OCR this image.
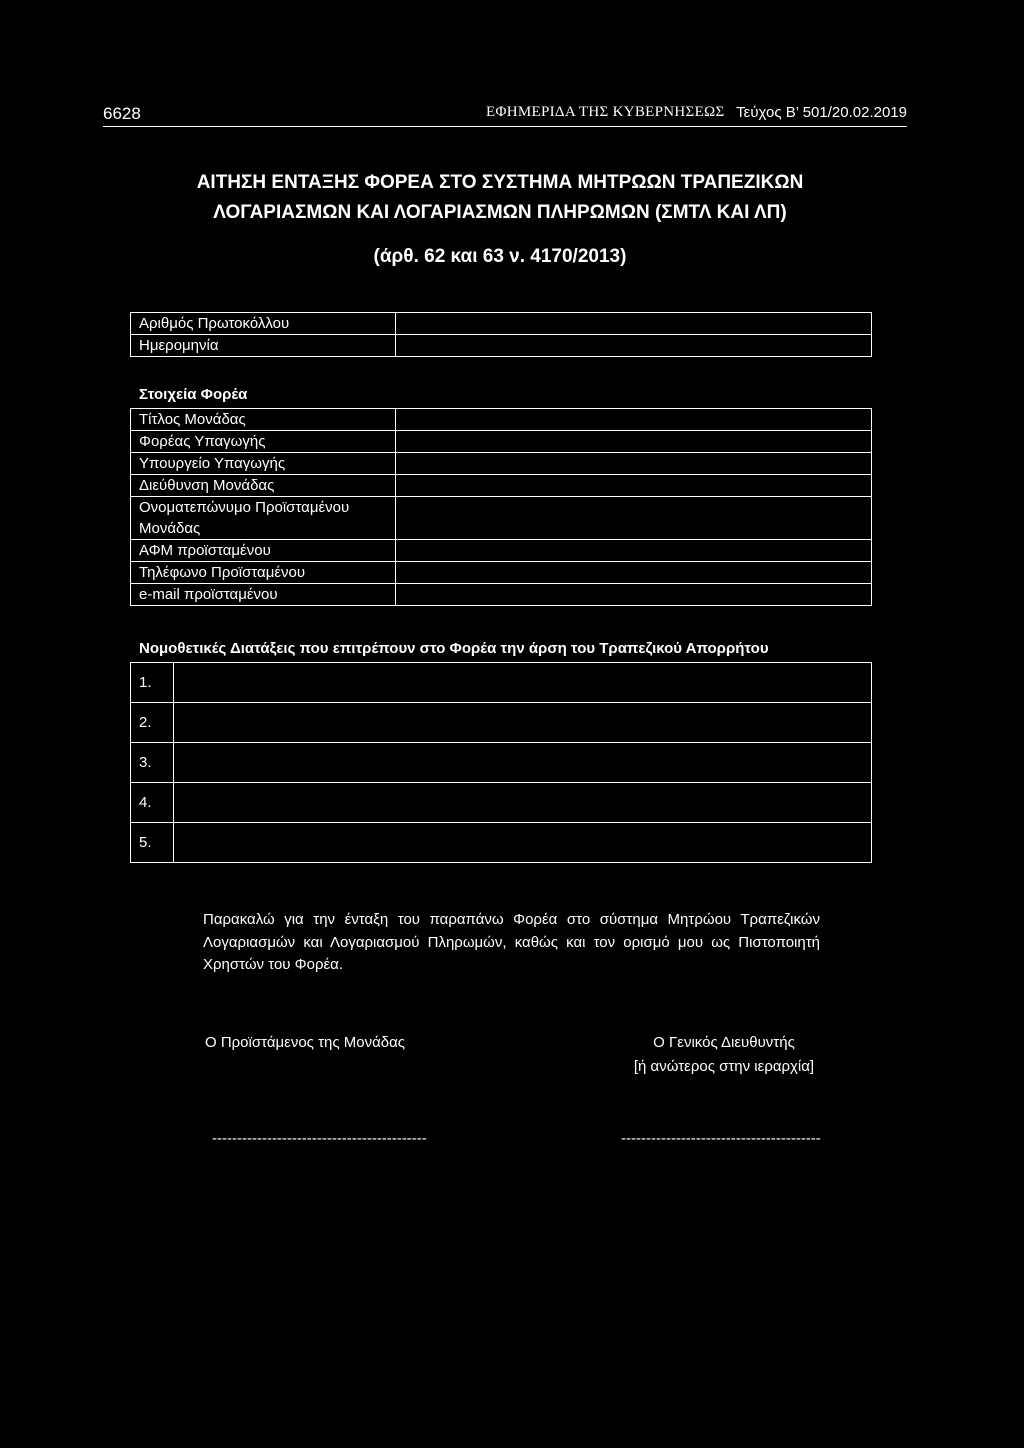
6628	ΕΦΗΜΕΡΙΔΑ ΤΗΣ ΚΥΒΕΡΝΗΣΕΩΣ Τεύχος B’ 501/20.02.2019
ΑΙΤΗΣΗ ΕΝΤΑΞΗΣ ΦΟΡΕΑ ΣΤΟ ΣΥΣΤΗΜΑ ΜΗΤΡΩΩΝ ΤΡΑΠΕΖΙΚΩΝ
ΛΟΓΑΡΙΑΣΜΩΝ ΚΑΙ ΛΟΓΑΡΙΑΣΜΩΝ ΠΛΗΡΩΜΩΝ (ΣΜΤΛ ΚΑΙ ΛΠ)
(άρθ. 62 και 63 ν. 4170/2013)
Αριθμός Πρωτοκόλλου	
Ημερομηνία	
Στοιχεία Φορέα
Τίτλος Μονάδας	
Φορέας Υπαγωγής	
Υπουργείο Υπαγωγής	
Διεύθυνση Μονάδας	
Ονοματεπώνυμο Προϊσταμένου
Μονάδας	
ΑΦΜ προϊσταμένου	
Τηλέφωνο Προϊσταμένου	
e-mail προϊσταμένου	
Νομοθετικές Διατάξεις που επιτρέπουν στο Φορέα την άρση του Τραπεζικού Απορρήτου
1.	
2.	
3.	
4.	
5.	
Παρακαλώ για την ένταξη του παραπάνω Φορέα στο σύστημα Μητρώου Τραπεζικών Λογαριασμών και Λογαριασμού Πληρωμών, καθώς και τον ορισμό μου ως Πιστοποιητή Χρηστών του Φορέα.
Ο Προϊστάμενος της Μονάδας	Ο Γενικός Διευθυντής
[ή ανώτερος στην ιεραρχία]
-------------------------------------------	----------------------------------------
